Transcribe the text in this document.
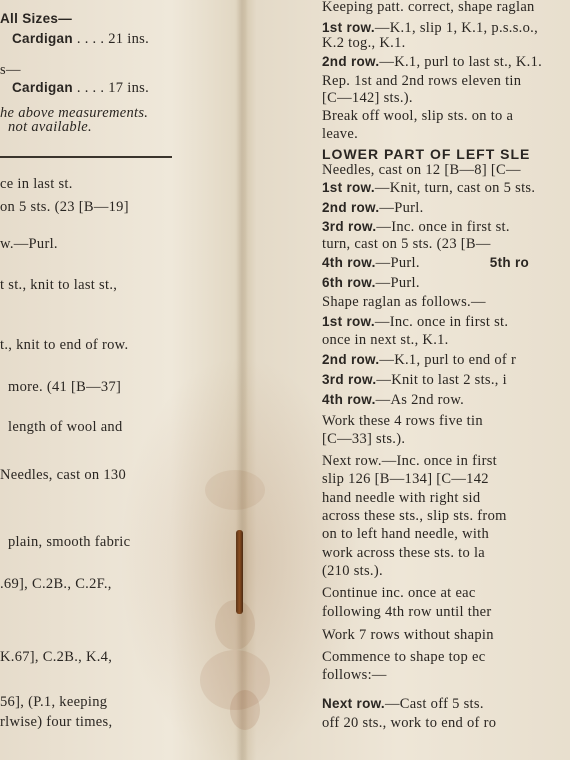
All Sizes—
Cardigan . . . . 21 ins.
s—
Cardigan . . . . 17 ins.
he above measurements.
not available.
ce in last st.
on 5 sts. (23 [B—19]
w.—Purl.
t st., knit to last st.,
t., knit to end of row.
more. (41 [B—37]
length of wool and
Needles, cast on 130
plain, smooth fabric
.69], C.2B., C.2F.,
K.67], C.2B., K.4,
56], (P.1, keeping
rlwise) four times,
Keeping patt. correct, shape raglan
1st row.—K.1, slip 1, K.1, p.s.s.o.,
K.2 tog., K.1.
2nd row.—K.1, purl to last st., K.1.
Rep. 1st and 2nd rows eleven tin
[C—142] sts.).
Break off wool, slip sts. on to a
leave.
LOWER PART OF LEFT SLE
Needles, cast on 12 [B—8] [C—
1st row.—Knit, turn, cast on 5 sts.
2nd row.—Purl.
3rd row.—Inc. once in first st.
turn, cast on 5 sts. (23 [B—
4th row.—Purl.	5th ro
6th row.—Purl.
Shape raglan as follows.—
1st row.—Inc. once in first st.
once in next st., K.1.
2nd row.—K.1, purl to end of r
3rd row.—Knit to last 2 sts., i
4th row.—As 2nd row.
Work these 4 rows five tin
[C—33] sts.).
Next row.—Inc. once in first
slip 126 [B—134] [C—142
hand needle with right sid
across these sts., slip sts. from
on to left hand needle, with
work across these sts. to la
(210 sts.).
Continue inc. once at eac
following 4th row until ther
Work 7 rows without shapin
Commence to shape top ec
follows:—
Next row.—Cast off 5 sts.
off 20 sts., work to end of ro
